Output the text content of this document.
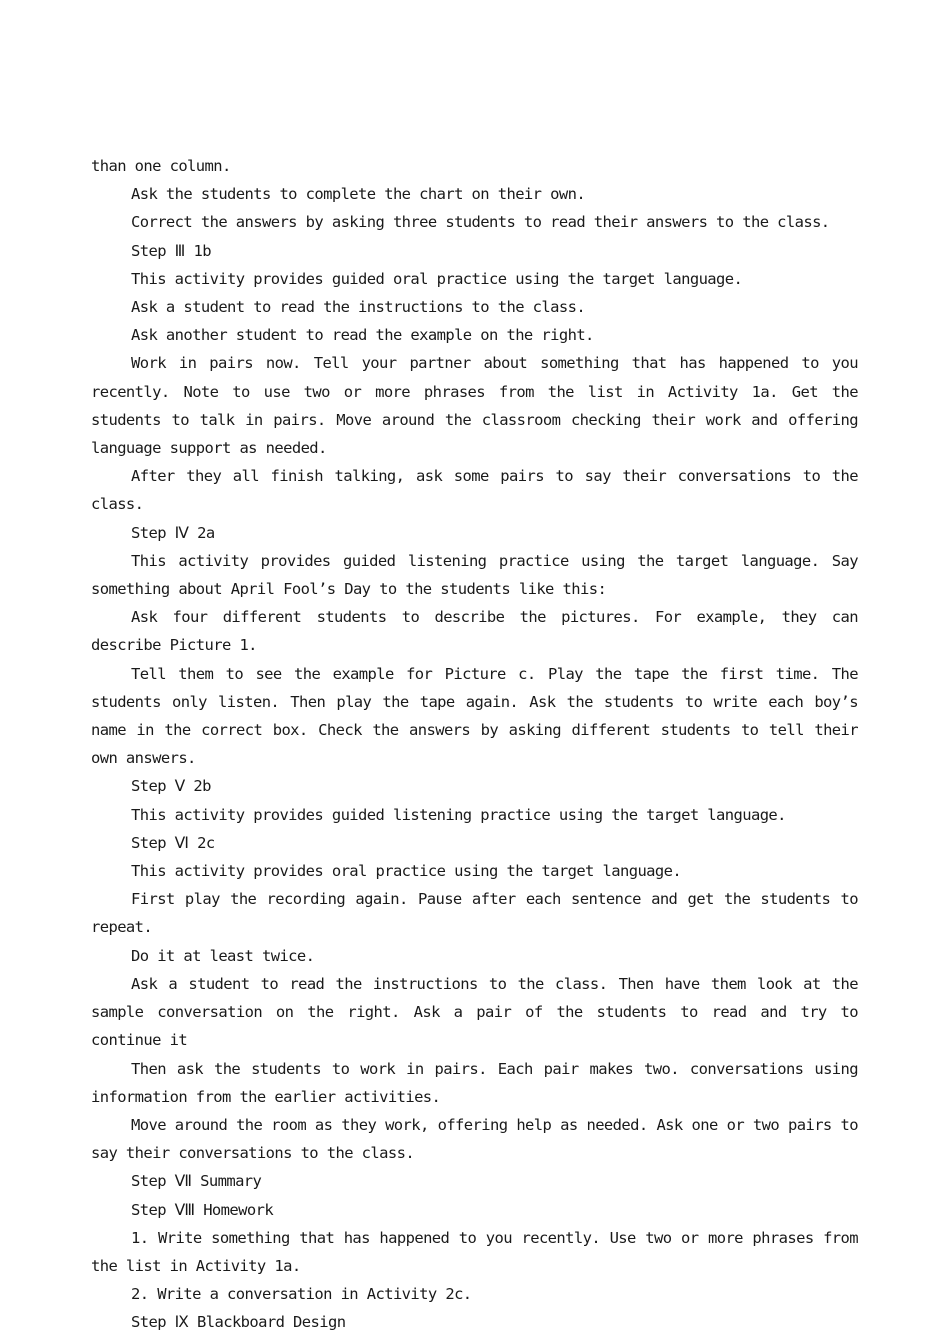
than one column.

Ask the students to complete the chart on their own.

Correct the answers by asking three students to read their answers to the class.

Step Ⅲ 1b

This activity provides guided oral practice using the target language.

Ask a student to read the instructions to the class.

Ask another student to read the example on the right.

Work in pairs now. Tell your partner about something that has happened to you recently. Note to use two or more phrases from the list in Activity 1a. Get the students to talk in pairs. Move around the classroom checking their work and offering language support as needed.

After they all finish talking, ask some pairs to say their conversations to the class.

Step Ⅳ 2a

This activity provides guided listening practice using the target language. Say something about April Fool’s Day to the students like this:

Ask four different students to describe the pictures. For example, they can describe Picture 1.

Tell them to see the example for Picture c. Play the tape the first time. The students only listen. Then play the tape again. Ask the students to write each boy’s name in the correct box. Check the answers by asking different students to tell their own answers.

Step Ⅴ 2b

This activity provides guided listening practice using the target language.

Step Ⅵ 2c

This activity provides oral practice using the target language.

First play the recording again. Pause after each sentence and get the students to repeat.

Do it at least twice.

Ask a student to read the instructions to the class. Then have them look at the sample conversation on the right. Ask a pair of the students to read and try to continue it

Then ask the students to work in pairs. Each pair makes two. conversations using information from the earlier activities.

Move around the room as they work, offering help as needed. Ask one or two pairs to say their conversations to the class.

Step Ⅶ Summary

Step Ⅷ Homework

1. Write something that has happened to you recently. Use two or more phrases from the list in Activity 1a.

2. Write a conversation in Activity 2c.

Step Ⅸ Blackboard Design
